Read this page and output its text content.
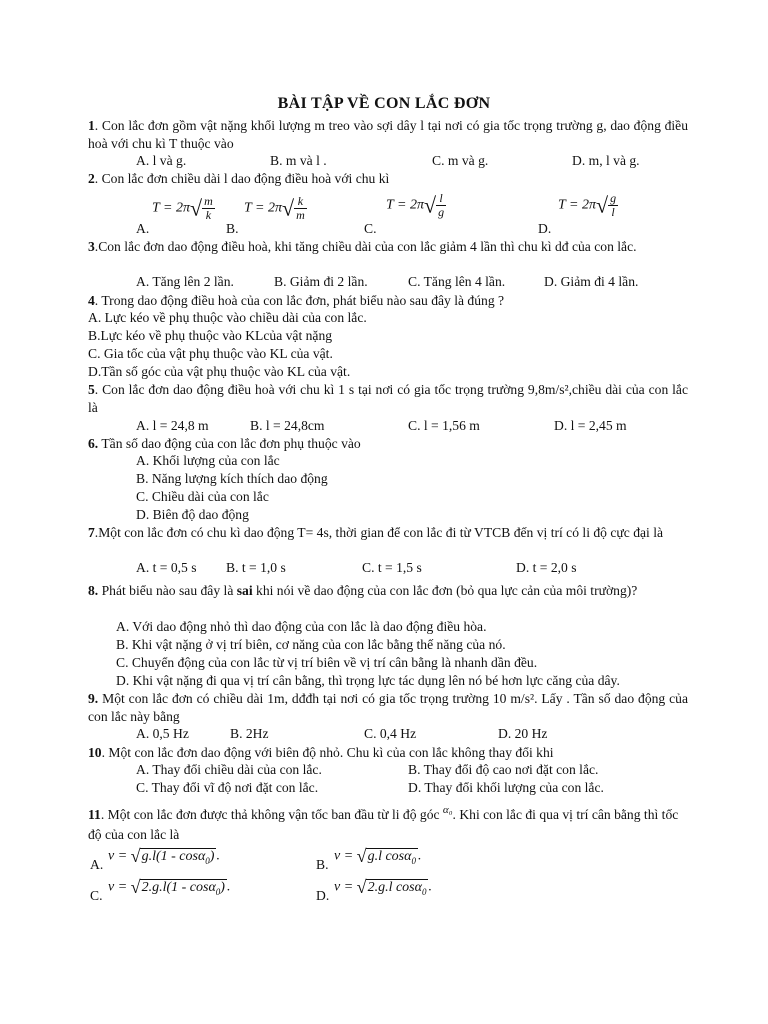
BÀI TẬP VỀ CON LẮC ĐƠN
1. Con lắc đơn gồm vật nặng khối lượng m treo vào sợi dây l tại nơi có gia tốc trọng trường g, dao động điều hoà với chu kì T thuộc vào
A. l và g.	B. m và l .	C. m và g.	D. m, l và g.
2. Con lắc đơn chiều dài l dao động điều hoà với chu kì
A.
$T = 2\pi√ \frac{m}{k}$
B.
$T = 2\pi√ \frac{k}{m}$
C.
$T = 2\pi√ \frac{l}{g}$
D.
$T = 2\pi√ \frac{g}{l}$
3.Con lắc đơn dao động điều hoà, khi tăng chiều dài của con lắc giảm 4 lần thì chu kì dđ của con lắc.
A. Tăng lên 2 lần.	B. Giảm đi 2 lần.	C. Tăng lên 4 lần.	D. Giảm đi 4 lần.
4. Trong dao động điều hoà của con lắc đơn, phát biểu nào sau đây là đúng ?
A. Lực kéo về phụ thuộc vào chiều dài của con lắc.
B.Lực kéo về phụ thuộc vào KLcủa vật nặng
C. Gia tốc của vật phụ thuộc vào KL của vật.
D.Tần số góc của vật phụ thuộc vào KL của vật.
5. Con lắc đơn dao động điều hoà với chu kì 1 s tại nơi có gia tốc trọng trường 9,8m/s²,chiều dài của con lắc là
A. l = 24,8 m	B. l = 24,8cm	C. l = 1,56 m	D. l = 2,45 m
6. Tần số dao động của con lắc đơn phụ thuộc vào
A. Khối lượng của con lắc
B. Năng lượng kích thích dao động
C. Chiều dài của con lắc
D. Biên độ dao động
7.Một con lắc đơn có chu kì dao động T= 4s, thời gian để con lắc đi từ VTCB đến vị trí có li độ cực đại là
A. t = 0,5 s B. t = 1,0 s	C. t = 1,5 s	D. t = 2,0 s
8. Phát biểu nào sau đây là sai khi nói về dao động của con lắc đơn (bỏ qua lực cản của môi trường)?
A. Với dao động nhỏ thì dao động của con lắc là dao động điều hòa.
B. Khi vật nặng ở vị trí biên, cơ năng của con lắc bằng thế năng của nó.
C. Chuyển động của con lắc từ vị trí biên về vị trí cân bằng là nhanh dần đều.
D. Khi vật nặng đi qua vị trí cân bằng, thì trọng lực tác dụng lên nó bé hơn lực căng của dây.
9. Một con lắc đơn có chiều dài 1m, dđđh tại nơi có gia tốc trọng trường 10 m/s². Lấy . Tần số dao động của con lắc này bằng
A. 0,5 Hz	B. 2Hz	C. 0,4 Hz	D. 20 Hz
10. Một con lắc đơn dao động với biên độ nhỏ. Chu kì của con lắc không thay đổi khi
A. Thay đổi chiều dài của con lắc.	B. Thay đổi độ cao nơi đặt con lắc.
C. Thay đổi vĩ độ nơi đặt con lắc.	D. Thay đổi khối lượng của con lắc.
11. Một con lắc đơn được thả không vận tốc ban đầu từ li độ góc $^{\alpha_0}$. Khi con lắc đi qua vị trí cân bằng thì tốc độ của con lắc là
A.
v = √g.l(1 - cosα$_0$) .
B.
v = √g.l cosα$_0$ .
C.
v = √2.g.l(1 - cosα$_0$) .
D.
v = √2.g.l cosα$_0$ .
